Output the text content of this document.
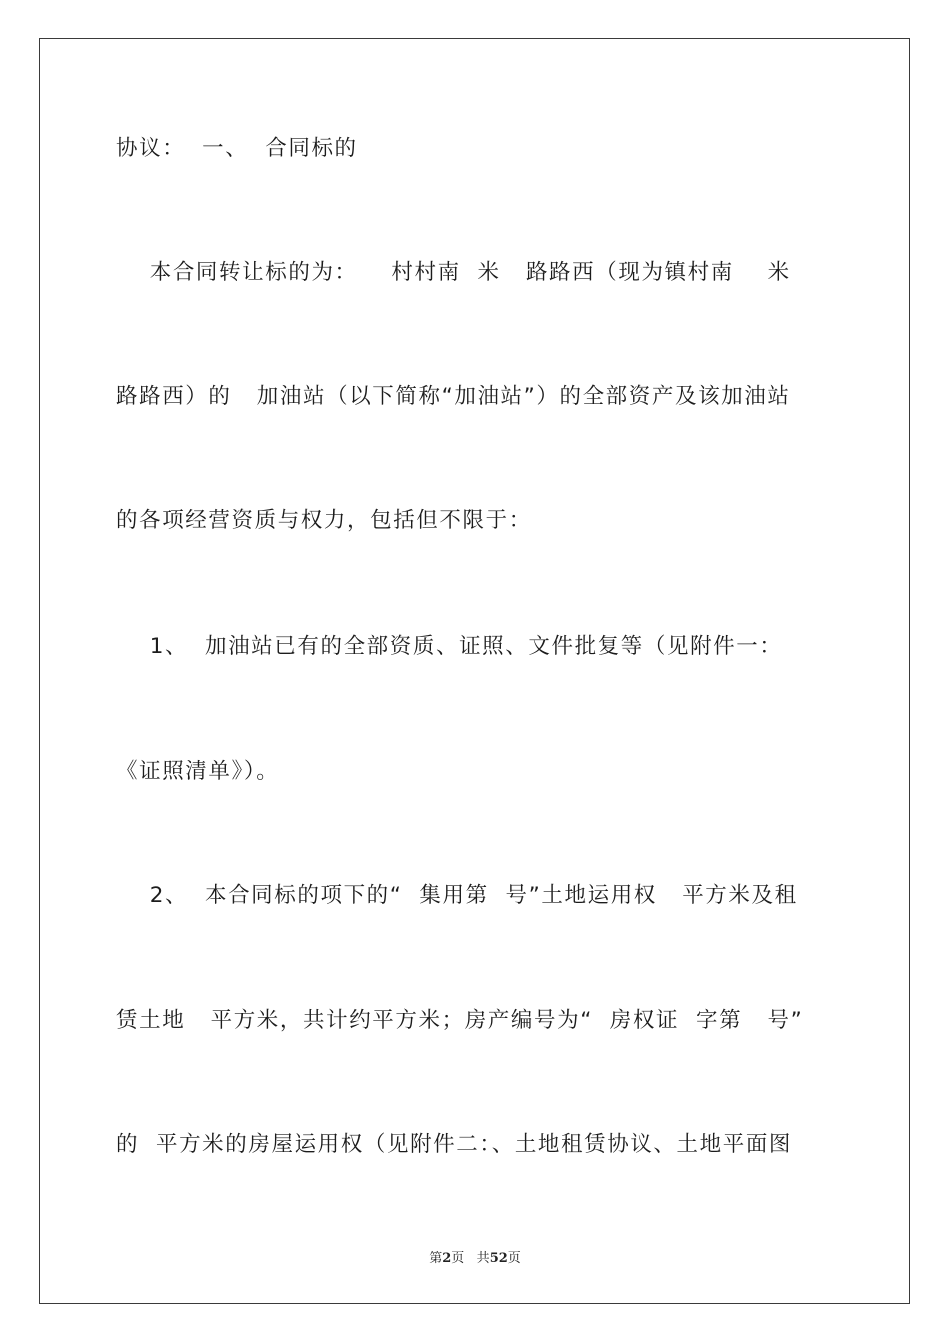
协议：  一、  合同标的
本合同转让标的为：    村村南  米   路路西（现为镇村南    米
路路西）的   加油站（以下简称“加油站”）的全部资产及该加油站
的各项经营资质与权力，包括但不限于：
1、  加油站已有的全部资质、证照、文件批复等（见附件一：
《证照清单》）。
2、  本合同标的项下的“  集用第  号”土地运用权   平方米及租
赁土地   平方米，共计约平方米；房产编号为“  房权证  字第   号”
的  平方米的房屋运用权（见附件二：、土地租赁协议、土地平面图
第2页 共52页
